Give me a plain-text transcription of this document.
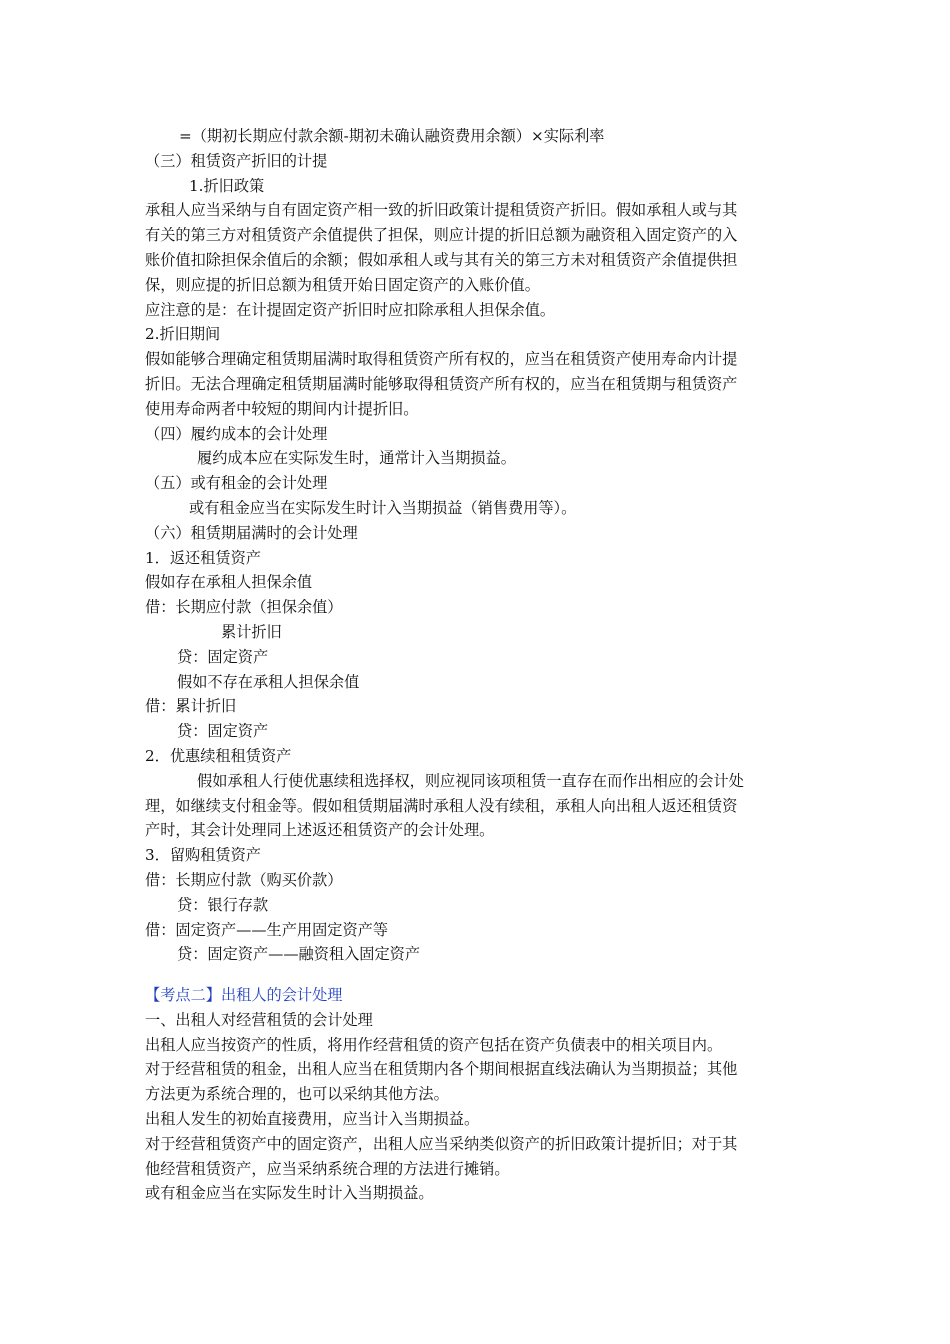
=（期初长期应付款余额-期初未确认融资费用余额）×实际利率
（三）租赁资产折旧的计提
1.折旧政策
承租人应当采纳与自有固定资产相一致的折旧政策计提租赁资产折旧。假如承租人或与其
有关的第三方对租赁资产余值提供了担保，则应计提的折旧总额为融资租入固定资产的入
账价值扣除担保余值后的余额；假如承租人或与其有关的第三方未对租赁资产余值提供担
保，则应提的折旧总额为租赁开始日固定资产的入账价值。
应注意的是：在计提固定资产折旧时应扣除承租人担保余值。
2.折旧期间
假如能够合理确定租赁期届满时取得租赁资产所有权的，应当在租赁资产使用寿命内计提
折旧。无法合理确定租赁期届满时能够取得租赁资产所有权的，应当在租赁期与租赁资产
使用寿命两者中较短的期间内计提折旧。
（四）履约成本的会计处理
履约成本应在实际发生时，通常计入当期损益。
（五）或有租金的会计处理
或有租金应当在实际发生时计入当期损益（销售费用等）。
（六）租赁期届满时的会计处理
1．返还租赁资产
假如存在承租人担保余值
借：长期应付款（担保余值）
累计折旧
贷：固定资产
假如不存在承租人担保余值
借：累计折旧
贷：固定资产
2．优惠续租租赁资产
假如承租人行使优惠续租选择权，则应视同该项租赁一直存在而作出相应的会计处
理，如继续支付租金等。假如租赁期届满时承租人没有续租，承租人向出租人返还租赁资
产时，其会计处理同上述返还租赁资产的会计处理。
3．留购租赁资产
借：长期应付款（购买价款）
贷：银行存款
借：固定资产——生产用固定资产等
贷：固定资产——融资租入固定资产
【考点二】出租人的会计处理
一、出租人对经营租赁的会计处理
出租人应当按资产的性质，将用作经营租赁的资产包括在资产负债表中的相关项目内。
对于经营租赁的租金，出租人应当在租赁期内各个期间根据直线法确认为当期损益；其他
方法更为系统合理的，也可以采纳其他方法。
出租人发生的初始直接费用，应当计入当期损益。
对于经营租赁资产中的固定资产，出租人应当采纳类似资产的折旧政策计提折旧；对于其
他经营租赁资产，应当采纳系统合理的方法进行摊销。
或有租金应当在实际发生时计入当期损益。
